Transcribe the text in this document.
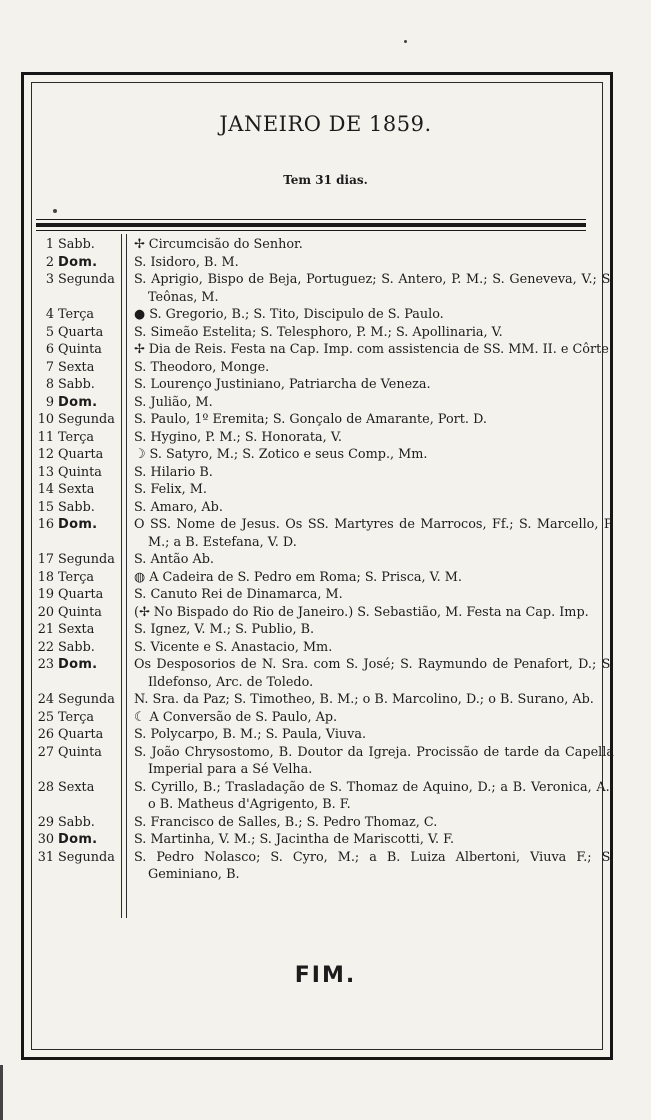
JANEIRO DE 1859.
Tem 31 dias.
1 Sabb.	✢ Circumcisão do Senhor.
2 Dom.	S. Isidoro, B. M.
3 Segunda	S. Aprigio, Bispo de Beja, Portuguez; S. Antero, P. M.; S. Geneveva, V.; S. Teônas, M.
4 Terça	● S. Gregorio, B.; S. Tito, Discipulo de S. Paulo.
5 Quarta	S. Simeão Estelita; S. Telesphoro, P. M.; S. Apollinaria, V.
6 Quinta	✢ Dia de Reis. Festa na Cap. Imp. com assistencia de SS. MM. II. e Côrte.
7 Sexta	S. Theodoro, Monge.
8 Sabb.	S. Lourenço Justiniano, Patriarcha de Veneza.
9 Dom.	S. Julião, M.
10 Segunda	S. Paulo, 1º Eremita; S. Gonçalo de Amarante, Port. D.
11 Terça	S. Hygino, P. M.; S. Honorata, V.
12 Quarta	☽ S. Satyro, M.; S. Zotico e seus Comp., Mm.
13 Quinta	S. Hilario B.
14 Sexta	S. Felix, M.
15 Sabb.	S. Amaro, Ab.
16 Dom.	O SS. Nome de Jesus. Os SS. Martyres de Marrocos, Ff.; S. Marcello, P. M.; a B. Estefana, V. D.
17 Segunda	S. Antão Ab.
18 Terça	◍ A Cadeira de S. Pedro em Roma; S. Prisca, V. M.
19 Quarta	S. Canuto Rei de Dinamarca, M.
20 Quinta	(✢ No Bispado do Rio de Janeiro.) S. Sebastião, M. Festa na Cap. Imp.
21 Sexta	S. Ignez, V. M.; S. Publio, B.
22 Sabb.	S. Vicente e S. Anastacio, Mm.
23 Dom.	Os Desposorios de N. Sra. com S. José; S. Raymundo de Penafort, D.; S. Ildefonso, Arc. de Toledo.
24 Segunda	N. Sra. da Paz; S. Timotheo, B. M.; o B. Marcolino, D.; o B. Surano, Ab.
25 Terça	☾ A Conversão de S. Paulo, Ap.
26 Quarta	S. Polycarpo, B. M.; S. Paula, Viuva.
27 Quinta	S. João Chrysostomo, B. Doutor da Igreja. Procissão de tarde da Capella Imperial para a Sé Velha.
28 Sexta	S. Cyrillo, B.; Trasladação de S. Thomaz de Aquino, D.; a B. Veronica, A.; o B. Matheus d'Agrigento, B. F.
29 Sabb.	S. Francisco de Salles, B.; S. Pedro Thomaz, C.
30 Dom.	S. Martinha, V. M.; S. Jacintha de Mariscotti, V. F.
31 Segunda	S. Pedro Nolasco; S. Cyro, M.; a B. Luiza Albertoni, Viuva F.; S. Geminiano, B.
FIM.
